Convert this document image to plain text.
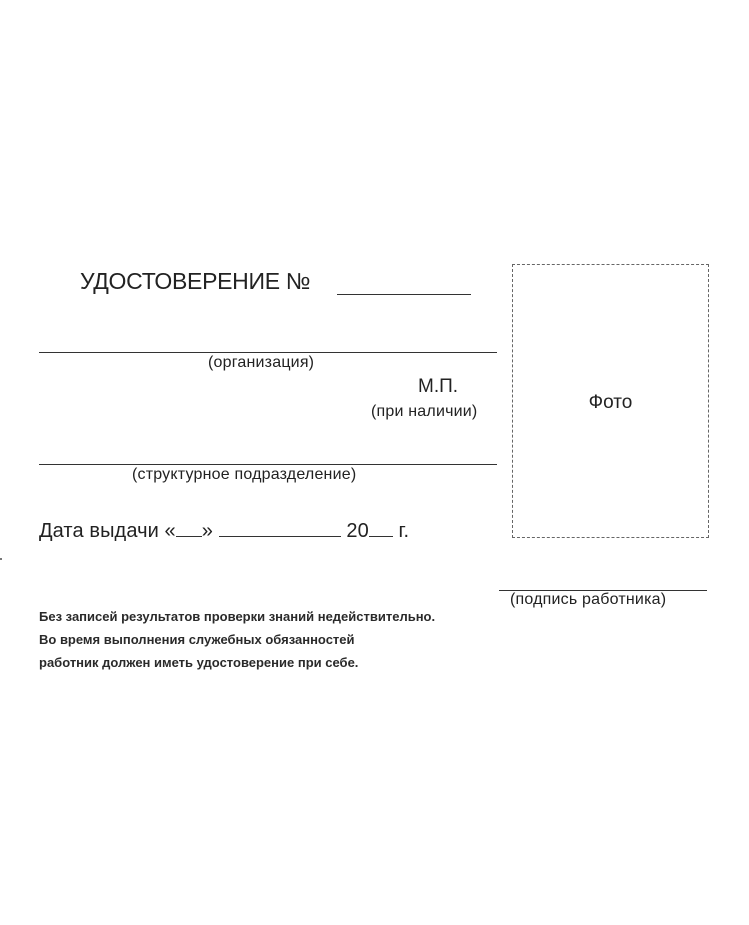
УДОСТОВЕРЕНИЕ №
(организация)
М.П.
(при наличии)
(структурное подразделение)
Дата выдачи « »	20 г.
Фото
(подпись работника)
Без записей результатов проверки знаний недействительно.
Во время выполнения служебных обязанностей
работник должен иметь удостоверение при себе.
